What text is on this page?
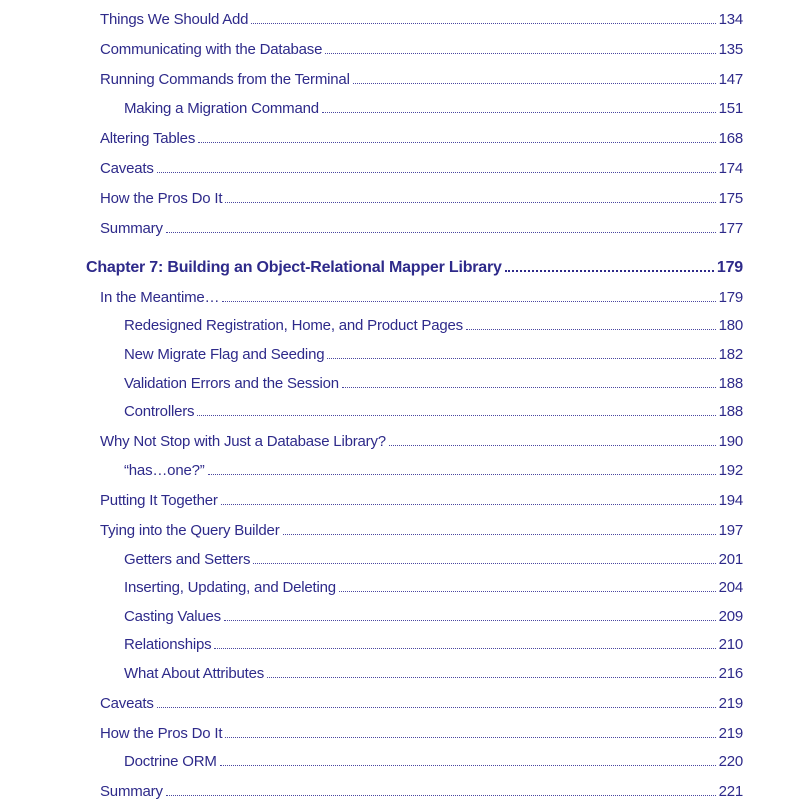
Things We Should Add	134
Communicating with the Database	135
Running Commands from the Terminal	147
Making a Migration Command	151
Altering Tables	168
Caveats	174
How the Pros Do It	175
Summary	177
Chapter 7: Building an Object-Relational Mapper Library	179
In the Meantime…	179
Redesigned Registration, Home, and Product Pages	180
New Migrate Flag and Seeding	182
Validation Errors and the Session	188
Controllers	188
Why Not Stop with Just a Database Library?	190
“has…one?”	192
Putting It Together	194
Tying into the Query Builder	197
Getters and Setters	201
Inserting, Updating, and Deleting	204
Casting Values	209
Relationships	210
What About Attributes	216
Caveats	219
How the Pros Do It	219
Doctrine ORM	220
Summary	221
